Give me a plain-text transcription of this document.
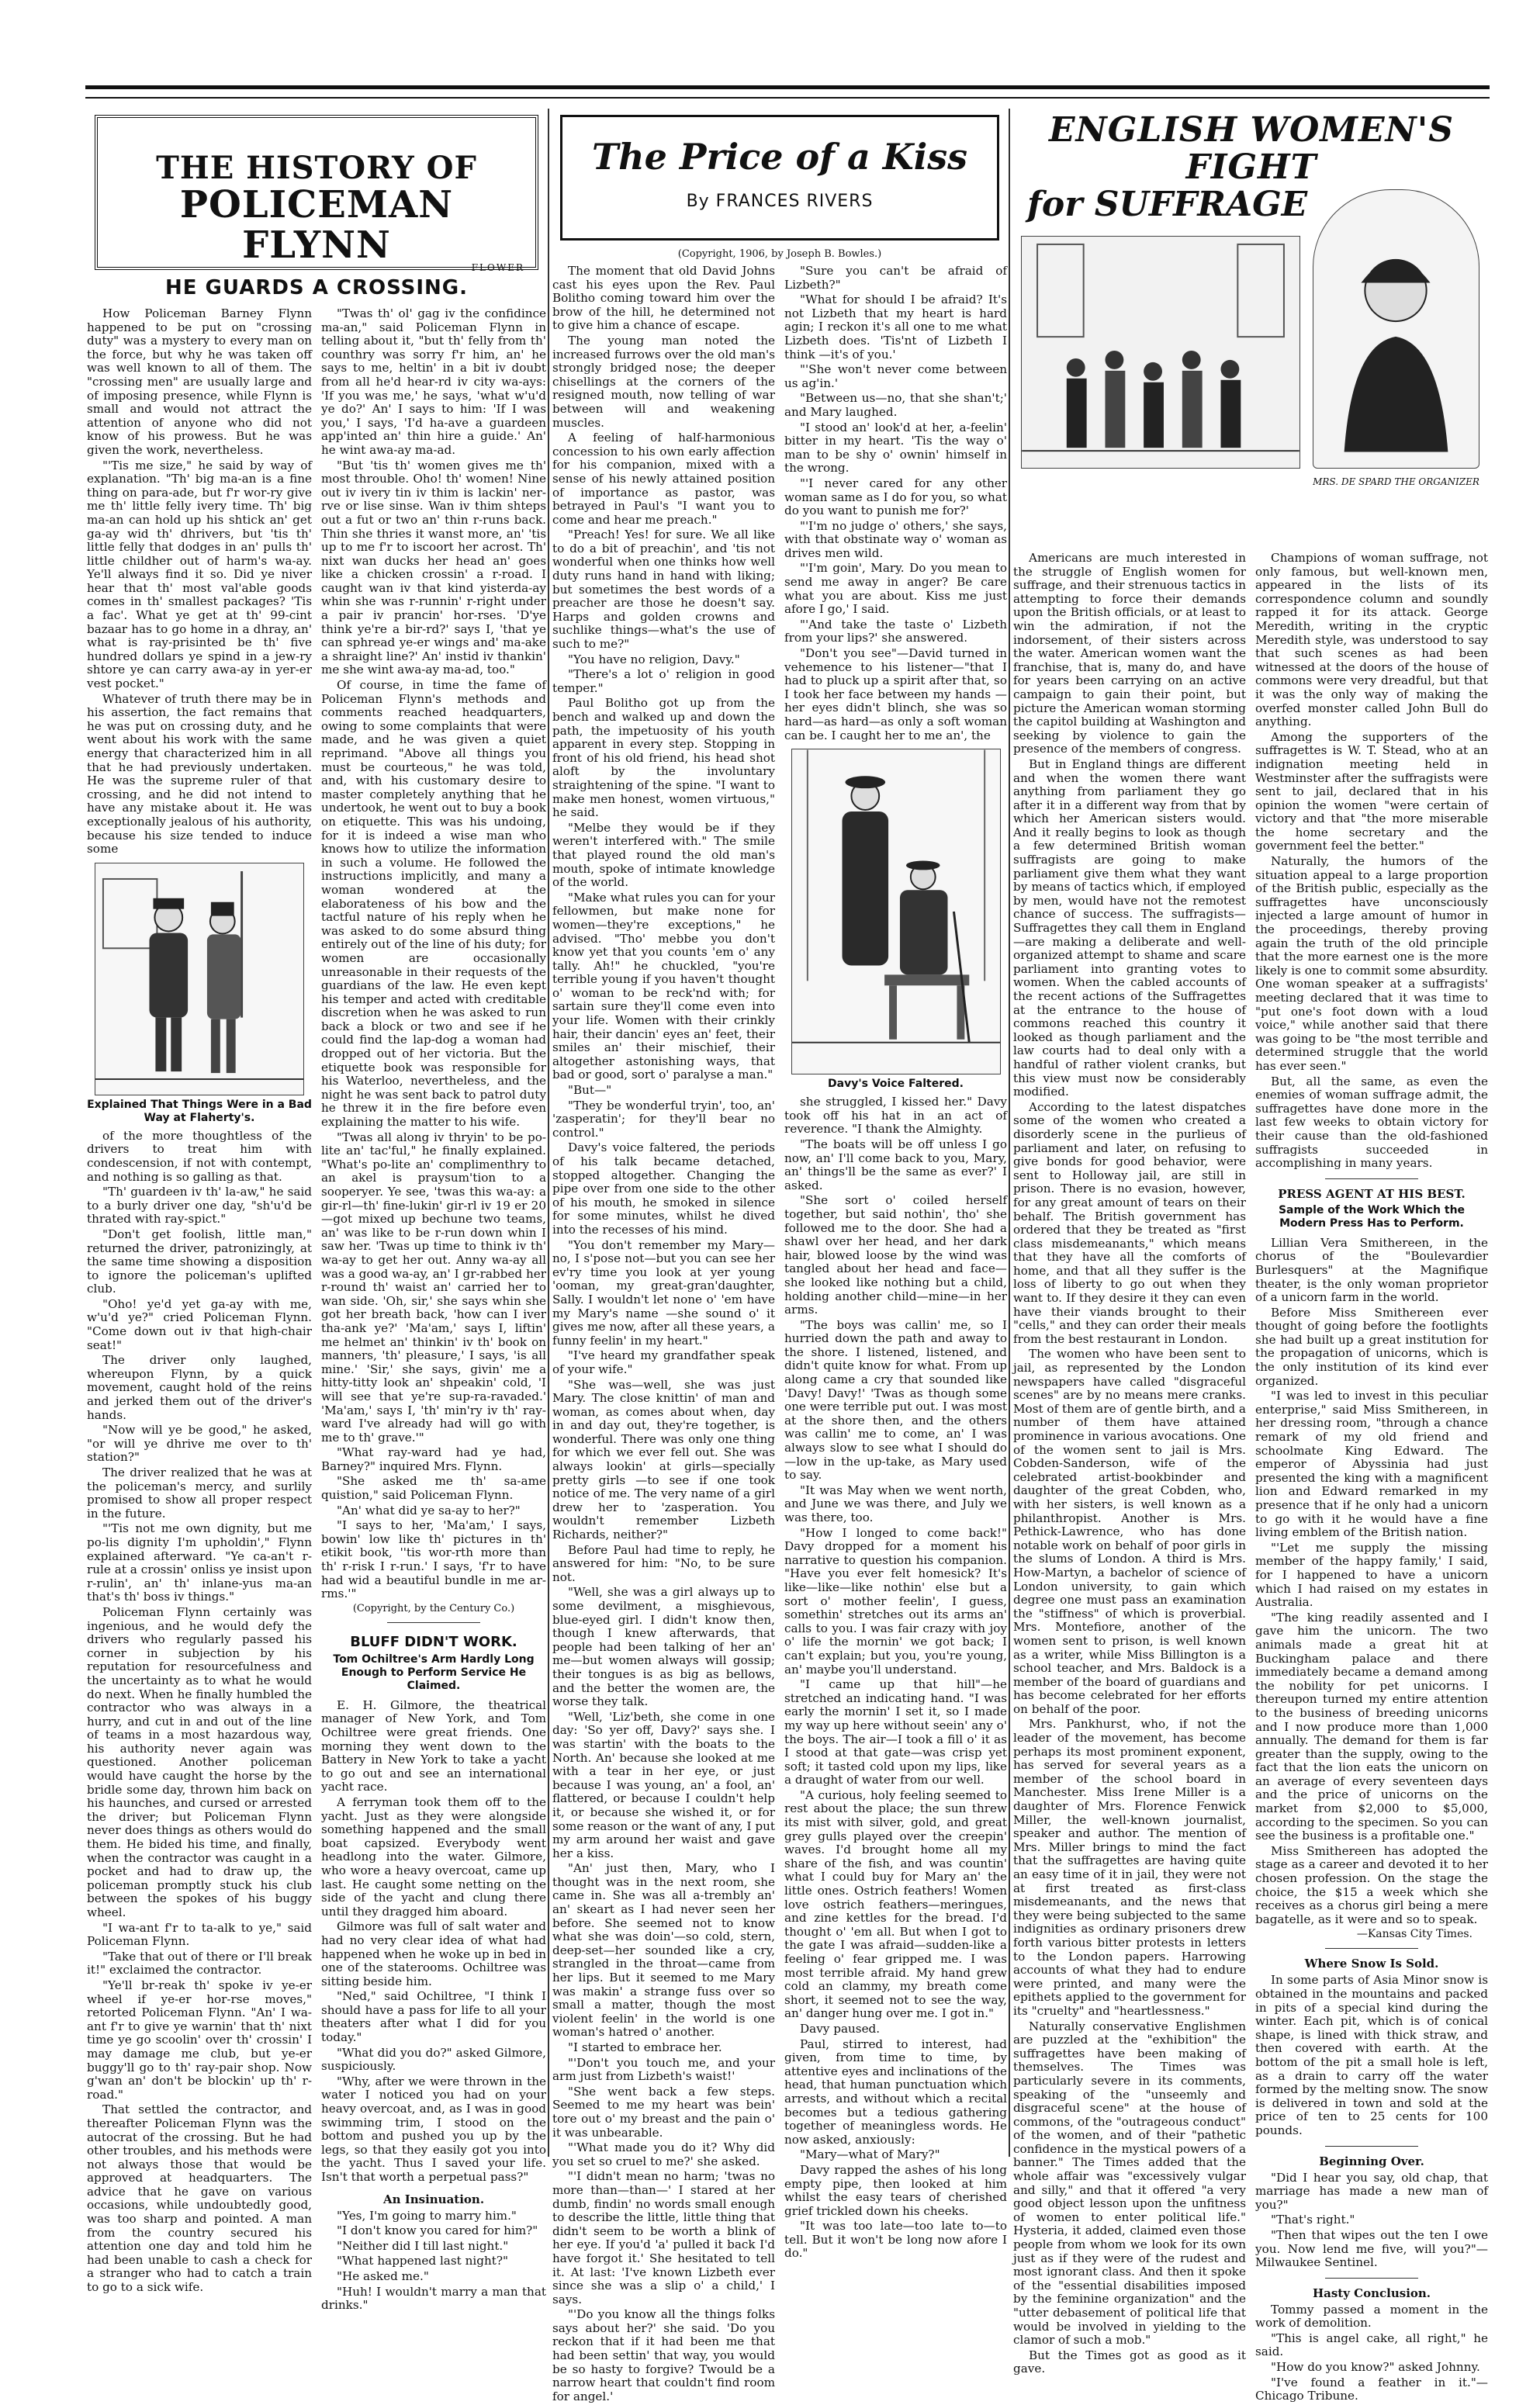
THE HISTORY OF
POLICEMAN FLYNN
FLOWER
HE GUARDS A CROSSING.

How Policeman Barney Flynn happened to be put on "crossing duty" was a mystery to every man on the force, but why he was taken off was well known to all of them. The "crossing men" are usually large and of imposing presence, while Flynn is small and would not attract the attention of anyone who did not know of his prowess. But he was given the work, nevertheless.

"'Tis me size," he said by way of explanation. "Th' big ma-an is a fine thing on para-ade, but f'r wor-ry give me th' little felly ivery time. Th' big ma-an can hold up his shtick an' get ga-ay wid th' dhrivers, but 'tis th' little felly that dodges in an' pulls th' little childher out of harm's wa-ay. Ye'll always find it so. Did ye niver hear that th' most val'able goods comes in th' smallest packages? 'Tis a fac'. What ye get at th' 99-cint bazaar has to go home in a dhray, an' what is ray-prisinted be th' five hundred dollars ye spind in a jew-ry shtore ye can carry awa-ay in yer-er vest pocket."

Whatever of truth there may be in his assertion, the fact remains that he was put on crossing duty, and he went about his work with the same energy that characterized him in all that he had previously undertaken. He was the supreme ruler of that crossing, and he did not intend to have any mistake about it. He was exceptionally jealous of his authority, because his size tended to induce some

Explained That Things Were in a Bad Way at Flaherty's.

of the more thoughtless of the drivers to treat him with condescension, if not with contempt, and nothing is so galling as that.

"Th' guardeen iv th' la-aw," he said to a burly driver one day, "sh'u'd be thrated with ray-spict."

"Don't get foolish, little man," returned the driver, patronizingly, at the same time showing a disposition to ignore the policeman's uplifted club.

"Oho! ye'd yet ga-ay with me, w'u'd ye?" cried Policeman Flynn. "Come down out iv that high-chair seat!"

The driver only laughed, whereupon Flynn, by a quick movement, caught hold of the reins and jerked them out of the driver's hands.

"Now will ye be good," he asked, "or will ye dhrive me over to th' station?"

The driver realized that he was at the policeman's mercy, and surlily promised to show all proper respect in the future.

"'Tis not me own dignity, but me po-lis dignity I'm upholdin'," Flynn explained afterward. "Ye ca-an't r-rule at a crossin' onliss ye insist upon r-rulin', an' th' inlane-yus ma-an that's th' boss iv things."

Policeman Flynn certainly was ingenious, and he would defy the drivers who regularly passed his corner in subjection by his reputation for resourcefulness and the uncertainty as to what he would do next. When he finally humbled the contractor who was always in a hurry, and cut in and out of the line of teams in a most hazardous way, his authority never again was questioned. Another policeman would have caught the horse by the bridle some day, thrown him back on his haunches, and cursed or arrested the driver; but Policeman Flynn never does things as others would do them. He bided his time, and finally, when the contractor was caught in a pocket and had to draw up, the policeman promptly stuck his club between the spokes of his buggy wheel.

"I wa-ant f'r to ta-alk to ye," said Policeman Flynn.

"Take that out of there or I'll break it!" exclaimed the contractor.

"Ye'll br-reak th' spoke iv ye-er wheel if ye-er hor-rse moves," retorted Policeman Flynn. "An' I wa-ant f'r to give ye warnin' that th' nixt time ye go scoolin' over th' crossin' I may damage me club, but ye-er buggy'll go to th' ray-pair shop. Now g'wan an' don't be blockin' up th' r-road."

That settled the contractor, and thereafter Policeman Flynn was the autocrat of the crossing. But he had other troubles, and his methods were not always those that would be approved at headquarters. The advice that he gave on various occasions, while undoubtedly good, was too sharp and pointed. A man from the country secured his attention one day and told him he had been unable to cash a check for a stranger who had to catch a train to go to a sick wife.

"Twas th' ol' gag iv the confidince ma-an," said Policeman Flynn in telling about it, "but th' felly from th' counthry was sorry f'r him, an' he says to me, heltin' in a bit iv doubt from all he'd hear-rd iv city wa-ays: 'If you was me,' he says, 'what w'u'd ye do?' An' I says to him: 'If I was you,' I says, 'I'd ha-ave a guardeen app'inted an' thin hire a guide.' An' he wint awa-ay ma-ad.

"But 'tis th' women gives me th' most throuble. Oho! th' women! Nine out iv ivery tin iv thim is lackin' ner-rve or lise sinse. Wan iv thim shteps out a fut or two an' thin r-runs back. Thin she thries it wanst more, an' 'tis up to me f'r to iscoort her acrost. Th' nixt wan ducks her head an' goes like a chicken crossin' a r-road. I caught wan iv that kind yisterda-ay whin she was r-runnin' r-right under a pair iv prancin' hor-rses. 'D'ye think ye're a bir-rd?' says I, 'that ye can sphread ye-er wings and' ma-ake a shraight line?' An' instid iv thankin' me she wint awa-ay ma-ad, too."

Of course, in time the fame of Policeman Flynn's methods and comments reached headquarters, owing to some complaints that were made, and he was given a quiet reprimand. "Above all things you must be courteous," he was told, and, with his customary desire to master completely anything that he undertook, he went out to buy a book on etiquette. This was his undoing, for it is indeed a wise man who knows how to utilize the information in such a volume. He followed the instructions implicitly, and many a woman wondered at the elaborateness of his bow and the tactful nature of his reply when he was asked to do some absurd thing entirely out of the line of his duty; for women are occasionally unreasonable in their requests of the guardians of the law. He even kept his temper and acted with creditable discretion when he was asked to run back a block or two and see if he could find the lap-dog a woman had dropped out of her victoria. But the etiquette book was responsible for his Waterloo, nevertheless, and the night he was sent back to patrol duty he threw it in the fire before even explaining the matter to his wife.

"Twas all along iv thryin' to be po-lite an' tac'ful," he finally explained. "What's po-lite an' complimenthry to an akel is praysum'tion to a sooperyer. Ye see, 'twas this wa-ay: a gir-rl—th' fine-lukin' gir-rl iv 19 er 20—got mixed up bechune two teams, an' was like to be r-run down whin I saw her. 'Twas up time to think iv th' wa-ay to get her out. Anny wa-ay all was a good wa-ay, an' I gr-rabbed her r-round th' waist an' carried her to wan side. 'Oh, sir,' she says whin she got her breath back, 'how can I iver tha-ank ye?' 'Ma'am,' says I, liftin' me helmet an' thinkin' iv th' book on manners, 'th' pleasure,' I says, 'is all mine.' 'Sir,' she says, givin' me a hitty-titty look an' shpeakin' cold, 'I will see that ye're sup-ra-ravaded.' 'Ma'am,' says I, 'th' min'ry iv th' ray-ward I've already had will go with me to th' grave.'"

"What ray-ward had ye had, Barney?" inquired Mrs. Flynn.

"She asked me th' sa-ame quistion," said Policeman Flynn.

"An' what did ye sa-ay to her?"

"I says to her, 'Ma'am,' I says, bowin' low like th' pictures in th' etikit book, ''tis wor-rth more than th' r-risk I r-run.' I says, 'f'r to have had wid a beautiful bundle in me ar-rms.'"

(Copyright, by the Century Co.)
BLUFF DIDN'T WORK.
Tom Ochiltree's Arm Hardly Long Enough to Perform Service He Claimed.

E. H. Gilmore, the theatrical manager of New York, and Tom Ochiltree were great friends. One morning they went down to the Battery in New York to take a yacht to go out and see an international yacht race.

A ferryman took them off to the yacht. Just as they were alongside something happened and the small boat capsized. Everybody went headlong into the water. Gilmore, who wore a heavy overcoat, came up last. He caught some netting on the side of the yacht and clung there until they dragged him aboard.

Gilmore was full of salt water and had no very clear idea of what had happened when he woke up in bed in one of the staterooms. Ochiltree was sitting beside him.

"Ned," said Ochiltree, "I think I should have a pass for life to all your theaters after what I did for you today."

"What did you do?" asked Gilmore, suspiciously.

"Why, after we were thrown in the water I noticed you had on your heavy overcoat, and, as I was in good swimming trim, I stood on the bottom and pushed you up by the legs, so that they easily got you into the yacht. Thus I saved your life. Isn't that worth a perpetual pass?"

An Insinuation.

"Yes, I'm going to marry him."

"I don't know you cared for him?"

"Neither did I till last night."

"What happened last night?"

"He asked me."

"Huh! I wouldn't marry a man that drinks."

The Price of a Kiss
By FRANCES RIVERS
(Copyright, 1906, by Joseph B. Bowles.)

The moment that old David Johns cast his eyes upon the Rev. Paul Bolitho coming toward him over the brow of the hill, he determined not to give him a chance of escape.

The young man noted the increased furrows over the old man's strongly bridged nose; the deeper chisellings at the corners of the resigned mouth, now telling of war between will and weakening muscles.

A feeling of half-harmonious concession to his own early affection for his companion, mixed with a sense of his newly attained position of importance as pastor, was betrayed in Paul's "I want you to come and hear me preach."

"Preach! Yes! for sure. We all like to do a bit of preachin', and 'tis not wonderful when one thinks how well duty runs hand in hand with liking; but sometimes the best words of a preacher are those he doesn't say. Harps and golden crowns and suchlike things—what's the use of such to me?"

"You have no religion, Davy."

"There's a lot o' religion in good temper."

Paul Bolitho got up from the bench and walked up and down the path, the impetuosity of his youth apparent in every step. Stopping in front of his old friend, his head shot aloft by the involuntary straightening of the spine. "I want to make men honest, women virtuous," he said.

"Melbe they would be if they weren't interfered with." The smile that played round the old man's mouth, spoke of intimate knowledge of the world.

"Make what rules you can for your fellowmen, but make none for women—they're exceptions," he advised. "Tho' mebbe you don't know yet that you counts 'em o' any tally. Ah!" he chuckled, "you're terrible young if you haven't thought o' woman to be reck'nd with; for sartain sure they'll come even into your life. Women with their crinkly hair, their dancin' eyes an' feet, their smiles an' their mischief, their altogether astonishing ways, that bad or good, sort o' paralyse a man."

"But—"

"They be wonderful tryin', too, an' 'zasperatin'; for they'll bear no control."

Davy's voice faltered, the periods of his talk became detached, stopped altogether. Changing the pipe over from one side to the other of his mouth, he smoked in silence for some minutes, whilst he dived into the recesses of his mind.

"You don't remember my Mary—no, I s'pose not—but you can see her ev'ry time you look at yer young 'ooman, my great-gran'daughter, Sally. I wouldn't let none o' 'em have my Mary's name —she sound o' it gives me now, after all these years, a funny feelin' in my heart."

"I've heard my grandfather speak of your wife."

"She was—well, she was just Mary. The close knittin' of man and woman, as comes about when, day in and day out, they're together, is wonderful. There was only one thing for which we ever fell out. She was always lookin' at girls—specially pretty girls —to see if one took notice of me. The very name of a girl drew her to 'zasperation. You wouldn't remember Lizbeth Richards, neither?"

Before Paul had time to reply, he answered for him: "No, to be sure not.

"Well, she was a girl always up to some devilment, a misghievous, blue-eyed girl. I didn't know then, though I knew afterwards, that people had been talking of her an' me—but women always will gossip; their tongues is as big as bellows, and the better the women are, the worse they talk.

"Well, 'Liz'beth, she come in one day: 'So yer off, Davy?' says she. I was startin' with the boats to the North. An' because she looked at me with a tear in her eye, or just because I was young, an' a fool, an' flattered, or because I couldn't help it, or because she wished it, or for some reason or the want of any, I put my arm around her waist and gave her a kiss.

"An' just then, Mary, who I thought was in the next room, she came in. She was all a-trembly an' an' skeart as I had never seen her before. She seemed not to know what she was doin'—so cold, stern, deep-set—her sounded like a cry, strangled in the throat—came from her lips. But it seemed to me Mary was makin' a strange fuss over so small a matter, though the most violent feelin' in the world is one woman's hatred o' another.

"I started to embrace her.

"'Don't you touch me, and your arm just from Lizbeth's waist!'

"She went back a few steps. Seemed to me my heart was bein' tore out o' my breast and the pain o' it was unbearable.

"'What made you do it? Why did you set so cruel to me?' she asked.

"'I didn't mean no harm; 'twas no more than—than—' I stared at her dumb, findin' no words small enough to describe the little, little thing that didn't seem to be worth a blink of her eye. If you'd 'a' pulled it back I'd have forgot it.' She hesitated to tell it. At last: 'I've known Lizbeth ever since she was a slip o' a child,' I says.

"'Do you know all the things folks says about her?' she said. 'Do you reckon that if it had been me that had been settin' that way, you would be so hasty to forgive? Twould be a narrow heart that couldn't find room for angel.'

"Sure you can't be afraid of Lizbeth?"

"What for should I be afraid? It's not Lizbeth that my heart is hard agin; I reckon it's all one to me what Lizbeth does. 'Tis'nt of Lizbeth I think —it's of you.'

"'She won't never come between us ag'in.'

"Between us—no, that she shan't;' and Mary laughed.

"I stood an' look'd at her, a-feelin' bitter in my heart. 'Tis the way o' man to be shy o' ownin' himself in the wrong.

"'I never cared for any other woman same as I do for you, so what do you want to punish me for?'

"'I'm no judge o' others,' she says, with that obstinate way o' woman as drives men wild.

"'I'm goin', Mary. Do you mean to send me away in anger? Be care what you are about. Kiss me just afore I go,' I said.

"'And take the taste o' Lizbeth from your lips?' she answered.

"Don't you see"—David turned in vehemence to his listener—"that I had to pluck up a spirit after that, so I took her face between my hands —her eyes didn't blinch, she was so hard—as hard—as only a soft woman can be. I caught her to me an', the

Davy's Voice Faltered.

she struggled, I kissed her." Davy took off his hat in an act of reverence. "I thank the Almighty.

"The boats will be off unless I go now, an' I'll come back to you, Mary, an' things'll be the same as ever?' I asked.

"She sort o' coiled herself together, but said nothin', tho' she followed me to the door. She had a shawl over her head, and her dark hair, blowed loose by the wind was tangled about her head and face—she looked like nothing but a child, holding another child—mine—in her arms.

"The boys was callin' me, so I hurried down the path and away to the shore. I listened, listened, and didn't quite know for what. From up along came a cry that sounded like 'Davy! Davy!' 'Twas as though some one were terrible put out. I was most at the shore then, and the others was callin' me to come, an' I was always slow to see what I should do—low in the up-take, as Mary used to say.

"It was May when we went north, and June we was there, and July we was there, too.

"How I longed to come back!" Davy dropped for a moment his narrative to question his companion. "Have you ever felt homesick? It's like—like—like nothin' else but a sort o' mother feelin', I guess, somethin' stretches out its arms an' calls to you. I was fair crazy with joy o' life the mornin' we got back; I can't explain; but you, you're young, an' maybe you'll understand.

"I came up that hill"—he stretched an indicating hand. "I was early the mornin' I set it, so I made my way up here without seein' any o' the boys. The air—I took a fill o' it as I stood at that gate—was crisp yet soft; it tasted cold upon my lips, like a draught of water from our well.

"A curious, holy feeling seemed to rest about the place; the sun threw its mist with silver, gold, and great grey gulls played over the creepin' waves. I'd brought home all my share of the fish, and was countin' what I could buy for Mary an' the little ones. Ostrich feathers! Women love ostrich feathers—meringues, and zine kettles for the bread. I'd thought o' 'em all. But when I got to the gate I was afraid—sudden-like a feeling o' fear gripped me. I was most terrible afraid. My hand grew cold an clammy, my breath come short, it seemed not to see the way, an' danger hung over me. I got in."

Davy paused.

Paul, stirred to interest, had given, from time to time, by attentive eyes and inclinations of the head, that human punctuation which arrests, and without which a recital becomes but a tedious gathering together of meaningless words. He now asked, anxiously:

"Mary—what of Mary?"

Davy rapped the ashes of his long empty pipe, then looked at him whilst the easy tears of cherished grief trickled down his cheeks.

"It was too late—too late to—to tell. But it won't be long now afore I do."

ENGLISH WOMEN'S FIGHT
for SUFFRAGE
MRS. DE SPARD THE ORGANIZER

Americans are much interested in the struggle of English women for suffrage, and their strenuous tactics in attempting to force their demands upon the British officials, or at least to win the admiration, if not the indorsement, of their sisters across the water. American women want the franchise, that is, many do, and have for years been carrying on an active campaign to gain their point, but picture the American woman storming the capitol building at Washington and seeking by violence to gain the presence of the members of congress.

But in England things are different and when the women there want anything from parliament they go after it in a different way from that by which her American sisters would. And it really begins to look as though a few determined British woman suffragists are going to make parliament give them what they want by means of tactics which, if employed by men, would have not the remotest chance of success. The suffragists—Suffragettes they call them in England—are making a deliberate and well-organized attempt to shame and scare parliament into granting votes to women. When the cabled accounts of the recent actions of the Suffragettes at the entrance to the house of commons reached this country it looked as though parliament and the law courts had to deal only with a handful of rather violent cranks, but this view must now be considerably modified.

According to the latest dispatches some of the women who created a disorderly scene in the purlieus of parliament and later, on refusing to give bonds for good behavior, were sent to Holloway jail, are still in prison. There is no evasion, however, for any great amount of tears on their behalf. The British government has ordered that they be treated as "first class misdemeanants," which means that they have all the comforts of home, and that all they suffer is the loss of liberty to go out when they want to. If they desire it they can even have their viands brought to their "cells," and they can order their meals from the best restaurant in London.

The women who have been sent to jail, as represented by the London newspapers have called "disgraceful scenes" are by no means mere cranks. Most of them are of gentle birth, and a number of them have attained prominence in various avocations. One of the women sent to jail is Mrs. Cobden-Sanderson, wife of the celebrated artist-bookbinder and daughter of the great Cobden, who, with her sisters, is well known as a philanthropist. Another is Mrs. Pethick-Lawrence, who has done notable work on behalf of poor girls in the slums of London. A third is Mrs. How-Martyn, a bachelor of science of London university, to gain which degree one must pass an examination the "stiffness" of which is proverbial. Mrs. Montefiore, another of the women sent to prison, is well known as a writer, while Miss Billington is a school teacher, and Mrs. Baldock is a member of the board of guardians and has become celebrated for her efforts on behalf of the poor.

Mrs. Pankhurst, who, if not the leader of the movement, has become perhaps its most prominent exponent, has served for several years as a member of the school board in Manchester. Miss Irene Miller is a daughter of Mrs. Florence Fenwick Miller, the well-known journalist, speaker and author. The mention of Mrs. Miller brings to mind the fact that the suffragettes are having quite an easy time of it in jail, they were not at first treated as first-class misdemeanants, and the news that they were being subjected to the same indignities as ordinary prisoners drew forth various bitter protests in letters to the London papers. Harrowing accounts of what they had to endure were printed, and many were the epithets applied to the government for its "cruelty" and "heartlessness."

Naturally conservative Englishmen are puzzled at the "exhibition" the suffragettes have been making of themselves. The Times was particularly severe in its comments, speaking of the "unseemly and disgraceful scene" at the house of commons, of the "outrageous conduct" of the women, and of their "pathetic confidence in the mystical powers of a banner." The Times added that the whole affair was "excessively vulgar and silly," and that it offered "a very good object lesson upon the unfitness of women to enter political life." Hysteria, it added, claimed even those people from whom we look for its own just as if they were of the rudest and most ignorant class. And then it spoke of the "essential disabilities imposed by the feminine organization" and the "utter debasement of political life that would be involved in yielding to the clamor of such a mob."

But the Times got as good as it gave.

Champions of woman suffrage, not only famous, but well-known men, appeared in the lists of its correspondence column and soundly rapped it for its attack. George Meredith, writing in the cryptic Meredith style, was understood to say that such scenes as had been witnessed at the doors of the house of commons were very dreadful, but that it was the only way of making the overfed monster called John Bull do anything.

Among the supporters of the suffragettes is W. T. Stead, who at an indignation meeting held in Westminster after the suffragists were sent to jail, declared that in his opinion the women "were certain of victory and that "the more miserable the home secretary and the government feel the better."

Naturally, the humors of the situation appeal to a large proportion of the British public, especially as the suffragettes have unconsciously injected a large amount of humor in the proceedings, thereby proving again the truth of the old principle that the more earnest one is the more likely is one to commit some absurdity. One woman speaker at a suffragists' meeting declared that it was time to "put one's foot down with a loud voice," while another said that there was going to be "the most terrible and determined struggle that the world has ever seen."

But, all the same, as even the enemies of woman suffrage admit, the suffragettes have done more in the last few weeks to obtain victory for their cause than the old-fashioned suffragists succeeded in accomplishing in many years.

PRESS AGENT AT HIS BEST.
Sample of the Work Which the Modern Press Has to Perform.

Lillian Vera Smithereen, in the chorus of the "Boulevardier Burlesquers" at the Magnifique theater, is the only woman proprietor of a unicorn farm in the world.

Before Miss Smithereen ever thought of going before the footlights she had built up a great institution for the propagation of unicorns, which is the only institution of its kind ever organized.

"I was led to invest in this peculiar enterprise," said Miss Smithereen, in her dressing room, "through a chance remark of my old friend and schoolmate King Edward. The emperor of Abyssinia had just presented the king with a magnificent lion and Edward remarked in my presence that if he only had a unicorn to go with it he would have a fine living emblem of the British nation.

"'Let me supply the missing member of the happy family,' I said, for I happened to have a unicorn which I had raised on my estates in Australia.

"The king readily assented and I gave him the unicorn. The two animals made a great hit at Buckingham palace and there immediately became a demand among the nobility for pet unicorns. I thereupon turned my entire attention to the business of breeding unicorns and I now produce more than 1,000 annually. The demand for them is far greater than the supply, owing to the fact that the lion eats the unicorn on an average of every seventeen days and the price of unicorns on the market from $2,000 to $5,000, according to the specimen. So you can see the business is a profitable one."

Miss Smithereen has adopted the stage as a career and devoted it to her chosen profession. On the stage the choice, the $15 a week which she receives as a chorus girl being a mere bagatelle, as it were and so to speak.

—Kansas City Times.
Where Snow Is Sold.

In some parts of Asia Minor snow is obtained in the mountains and packed in pits of a special kind during the winter. Each pit, which is of conical shape, is lined with thick straw, and then covered with earth. At the bottom of the pit a small hole is left, as a drain to carry off the water formed by the melting snow. The snow is delivered in town and sold at the price of ten to 25 cents for 100 pounds.

Beginning Over.

"Did I hear you say, old chap, that marriage has made a new man of you?"

"That's right."

"Then that wipes out the ten I owe you. Now lend me five, will you?"—Milwaukee Sentinel.

Hasty Conclusion.

Tommy passed a moment in the work of demolition.

"This is angel cake, all right," he said.

"How do you know?" asked Johnny.

"I've found a feather in it."—Chicago Tribune.
